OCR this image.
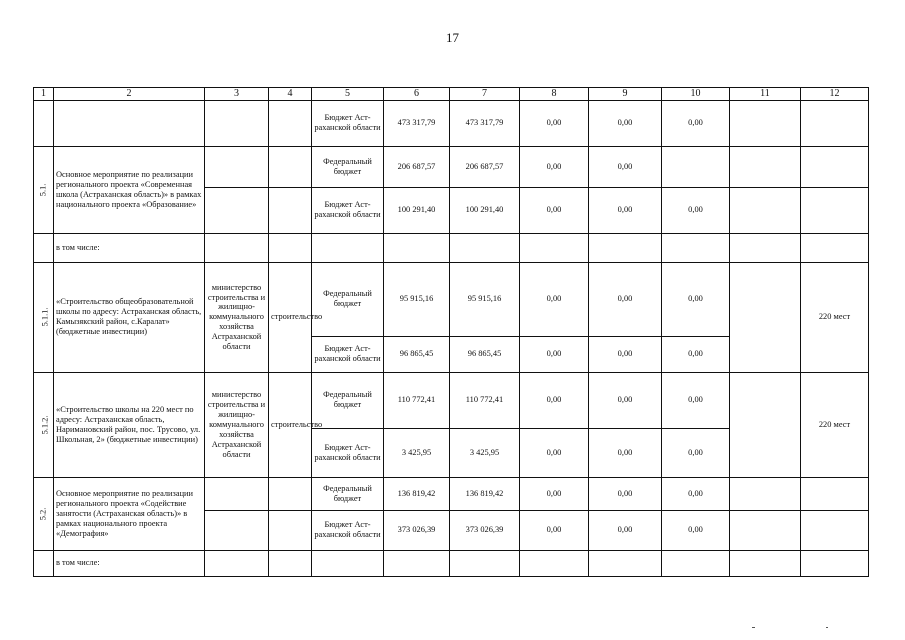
17
1	2	3	4	5	6	7	8	9	10	11	12
				Бюджет Аст-раханской области	473 317,79	473 317,79	0,00	0,00	0,00		
5.1.	Основное мероприятие по реализации регионального проекта «Современная школа (Астраханская область)» в рамках национального проекта «Образование»			Федеральный бюджет	206 687,57	206 687,57	0,00	0,00			
				Бюджет Аст-раханской области	100 291,40	100 291,40	0,00	0,00	0,00		
	в том числе:										
5.1.1.	«Строительство общеобразовательной школы по адресу: Астраханская область, Камызякский район, с.Каралат» (бюджетные инвестиции)	министерство строительства и жилищно-коммунального хозяйства Астраханской области	строительство	Федеральный бюджет	95 915,16	95 915,16	0,00	0,00	0,00		220 мест
				Бюджет Аст-раханской области	96 865,45	96 865,45	0,00	0,00	0,00		
5.1.2.	«Строительство школы на 220 мест по адресу: Астраханская область, Наримановский район, пос. Трусово, ул. Школьная, 2» (бюджетные инвестиции)	министерство строительства и жилищно-коммунального хозяйства Астраханской области	строительство	Федеральный бюджет	110 772,41	110 772,41	0,00	0,00	0,00		220 мест
				Бюджет Аст-раханской области	3 425,95	3 425,95	0,00	0,00	0,00		
5.2.	Основное мероприятие по реализации регионального проекта «Содействие занятости (Астраханская область)» в рамках национального проекта «Демография»			Федеральный бюджет	136 819,42	136 819,42	0,00	0,00	0,00		
				Бюджет Аст-раханской области	373 026,39	373 026,39	0,00	0,00	0,00		
	в том числе:										
